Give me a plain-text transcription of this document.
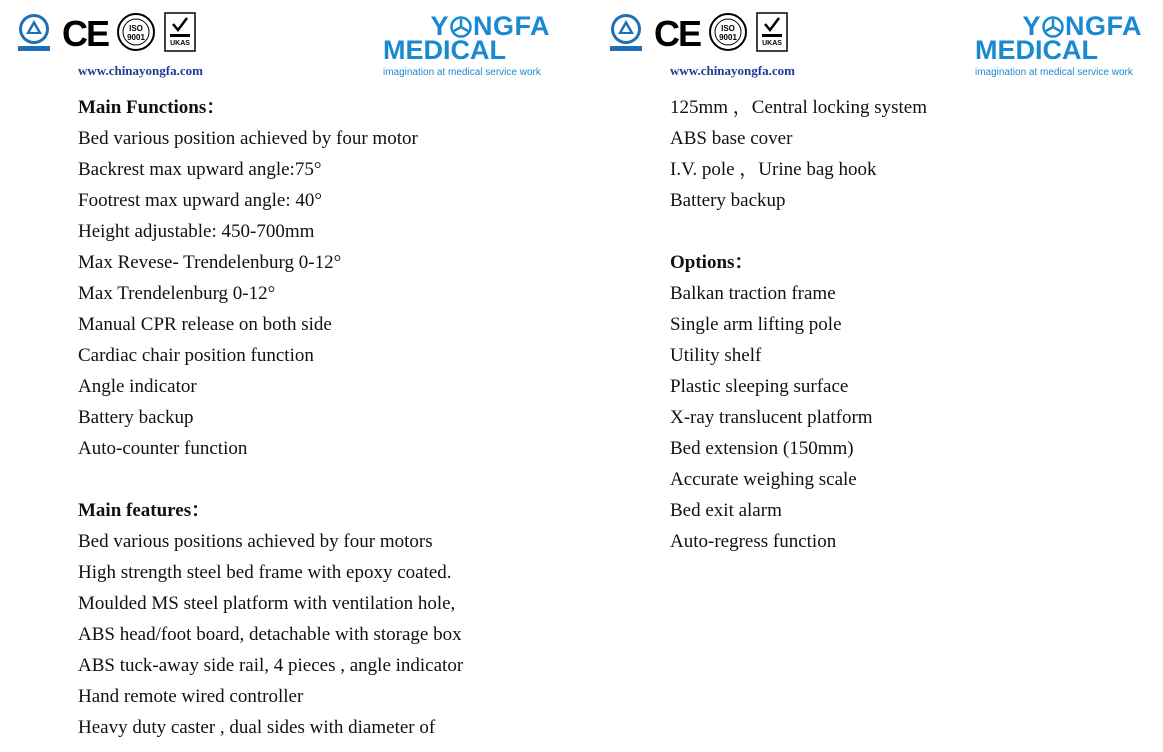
CE	ISO
9001
UKAS
www.chinayongfa.com
Y NGFA
MEDICAL
imagination at medical service work
Main Functions：
Bed various position achieved by four motor
Backrest max upward angle:75°
Footrest max upward angle: 40°
Height adjustable: 450-700mm
Max Revese- Trendelenburg 0-12°
Max Trendelenburg 0-12°
Manual CPR release on both side
Cardiac chair position function
Angle indicator
Battery backup
Auto-counter function
Main features：
Bed various positions achieved by four motors
High strength steel bed frame with epoxy coated.
Moulded MS steel platform with ventilation hole,
ABS head/foot board, detachable with storage box
ABS tuck-away side rail, 4 pieces , angle indicator
Hand remote wired controller
Heavy duty caster , dual sides with diameter of
CE	ISO
9001
UKAS
www.chinayongfa.com
Y NGFA
MEDICAL
imagination at medical service work
125mm ，Central locking system
ABS base cover
I.V. pole ，Urine bag hook
Battery backup
Options：
Balkan traction frame
Single arm lifting pole
Utility shelf
Plastic sleeping surface
X-ray translucent platform
Bed extension (150mm)
Accurate weighing scale
Bed exit alarm
Auto-regress function
